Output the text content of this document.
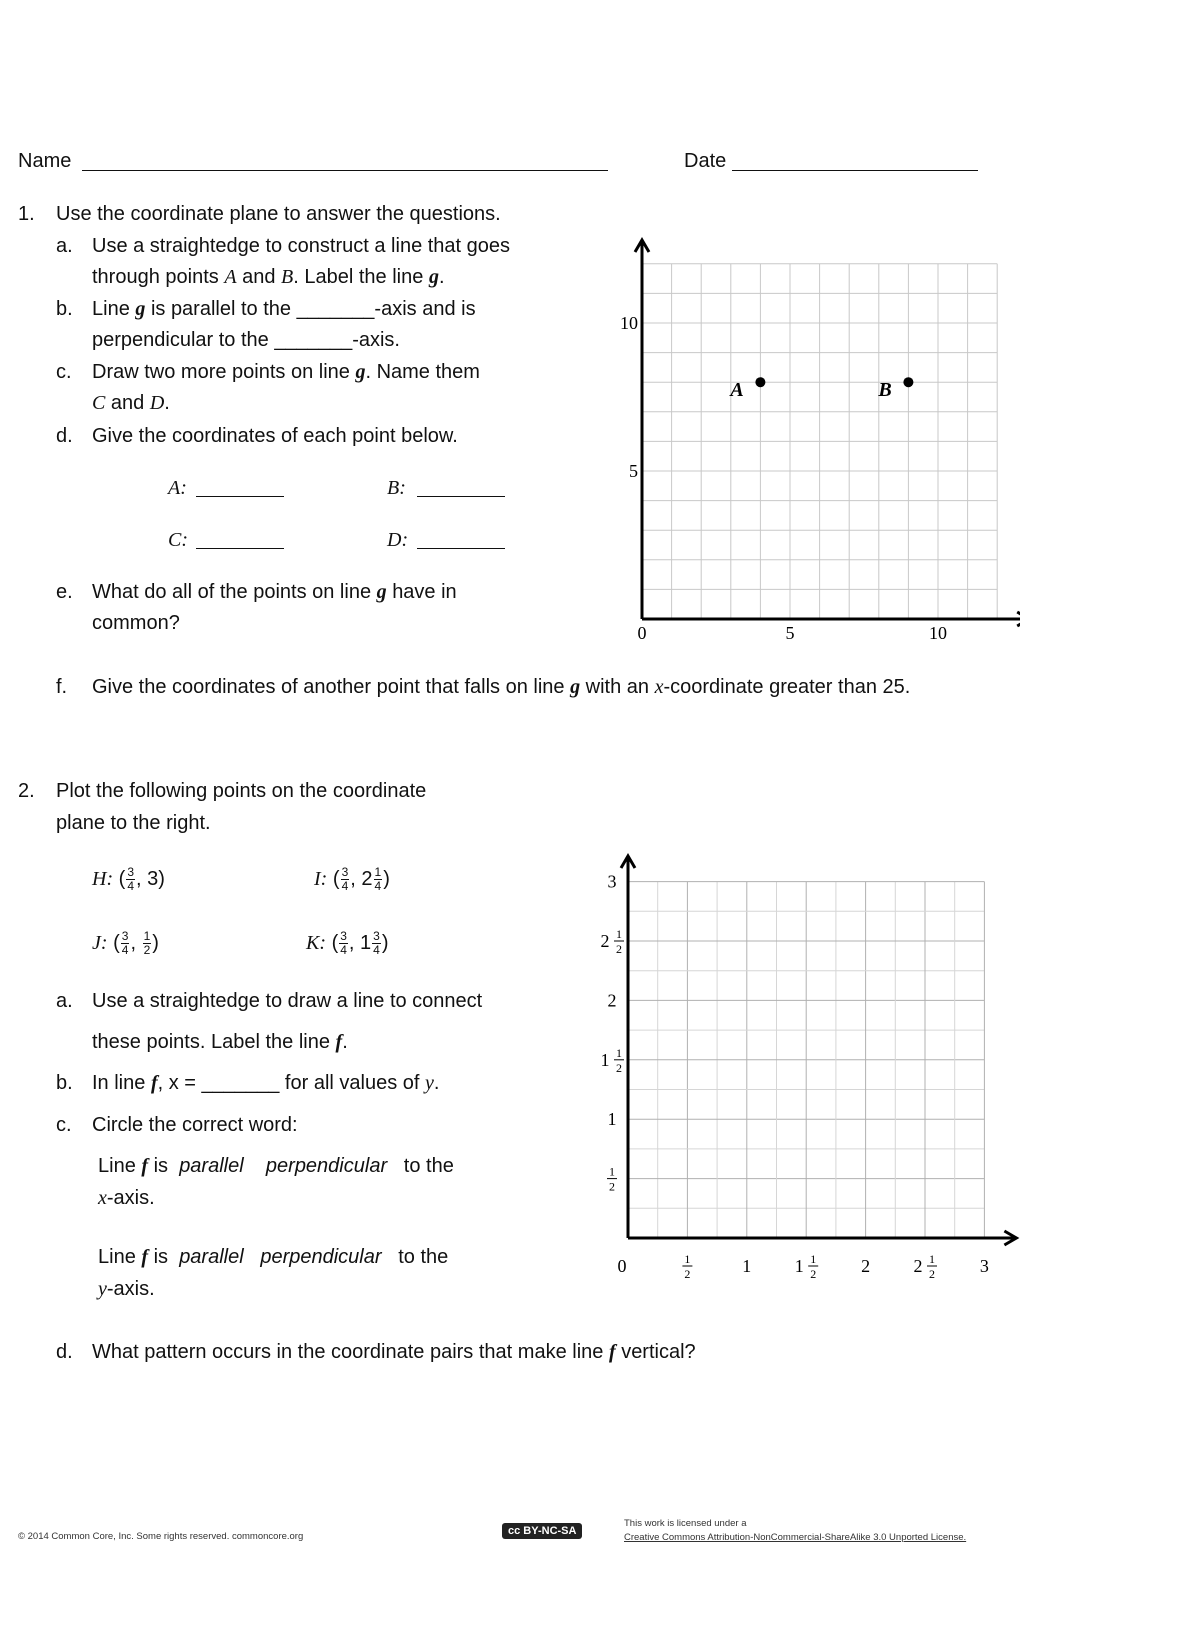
Name	Date
1. Use the coordinate plane to answer the questions.
a. Use a straightedge to construct a line that goes
through points A and B. Label the line g.
b. Line g is parallel to the _______-axis and is
perpendicular to the _______-axis.
c. Draw two more points on line g. Name them
C and D.
d. Give the coordinates of each point below.
A:	B:
C:	D:
e. What do all of the points on line g have in
common?
f. Give the coordinates of another point that falls on line g with an x-coordinate greater than 25.
0	5	10
10
5
A	B
2. Plot the following points on the coordinate
plane to the right.
H: ( $\frac{3}{4}$ , 3)	I: ( $\frac{3}{4}$ , $2 \frac{1}{4}$ )
J: ( $\frac{3}{4}$ , $\frac{1}{2}$ )	K: ( $\frac{3}{4}$ , $1 \frac{3}{4}$ )
a. Use a straightedge to draw a line to connect
these points. Label the line f.
b. In line f, x = _______ for all values of y.
c. Circle the correct word:
Line f is parallel perpendicular to the
x-axis.
Line f is parallel perpendicular to the
y-axis.
d. What pattern occurs in the coordinate pairs that make line f vertical?
0	1
2	1 1 1
2 2 2 1
2 3
1
2
1
1 1
2
2
2 1
2
3
© 2014 Common Core, Inc. Some rights reserved. commoncore.org	cc BY-NC-SA
This work is licensed under a
Creative Commons Attribution-NonCommercial-ShareAlike 3.0 Unported License.
